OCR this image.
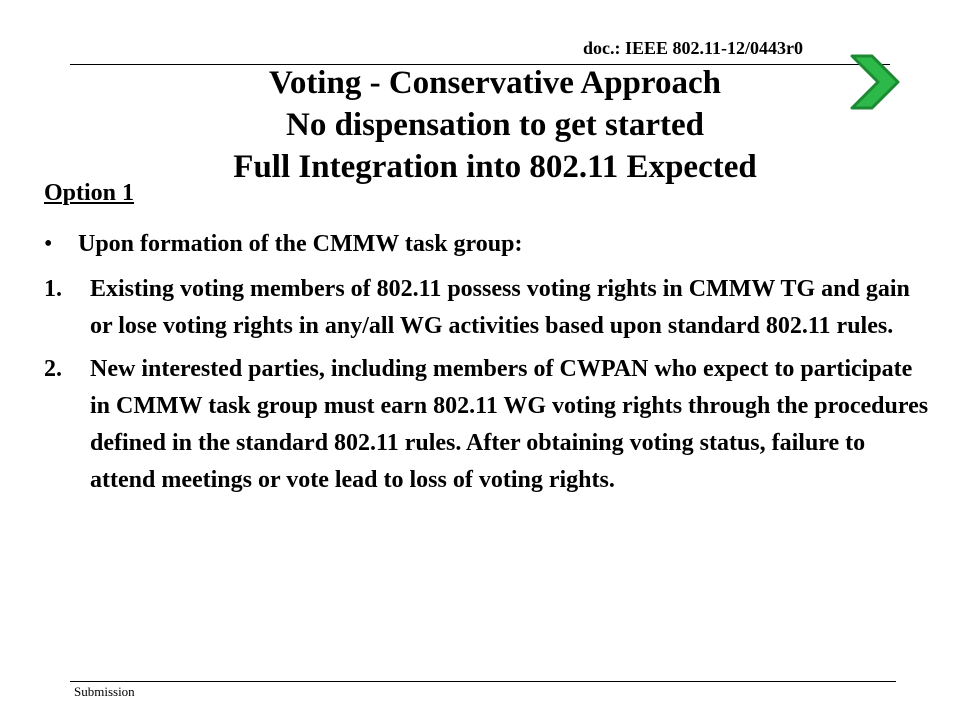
doc.: IEEE 802.11-12/0443r0
Voting - Conservative Approach
No dispensation to get started
Full Integration into 802.11 Expected
Option 1
• Upon formation of the CMMW task group:
1. Existing voting members of 802.11 possess voting rights in CMMW TG and gain or lose voting rights in any/all WG activities based upon standard 802.11 rules.
2. New interested parties, including members of CWPAN who expect to participate in CMMW task group must earn 802.11 WG voting rights through the procedures defined in the standard 802.11 rules. After obtaining voting status, failure to attend meetings or vote lead to loss of voting rights.
Submission
